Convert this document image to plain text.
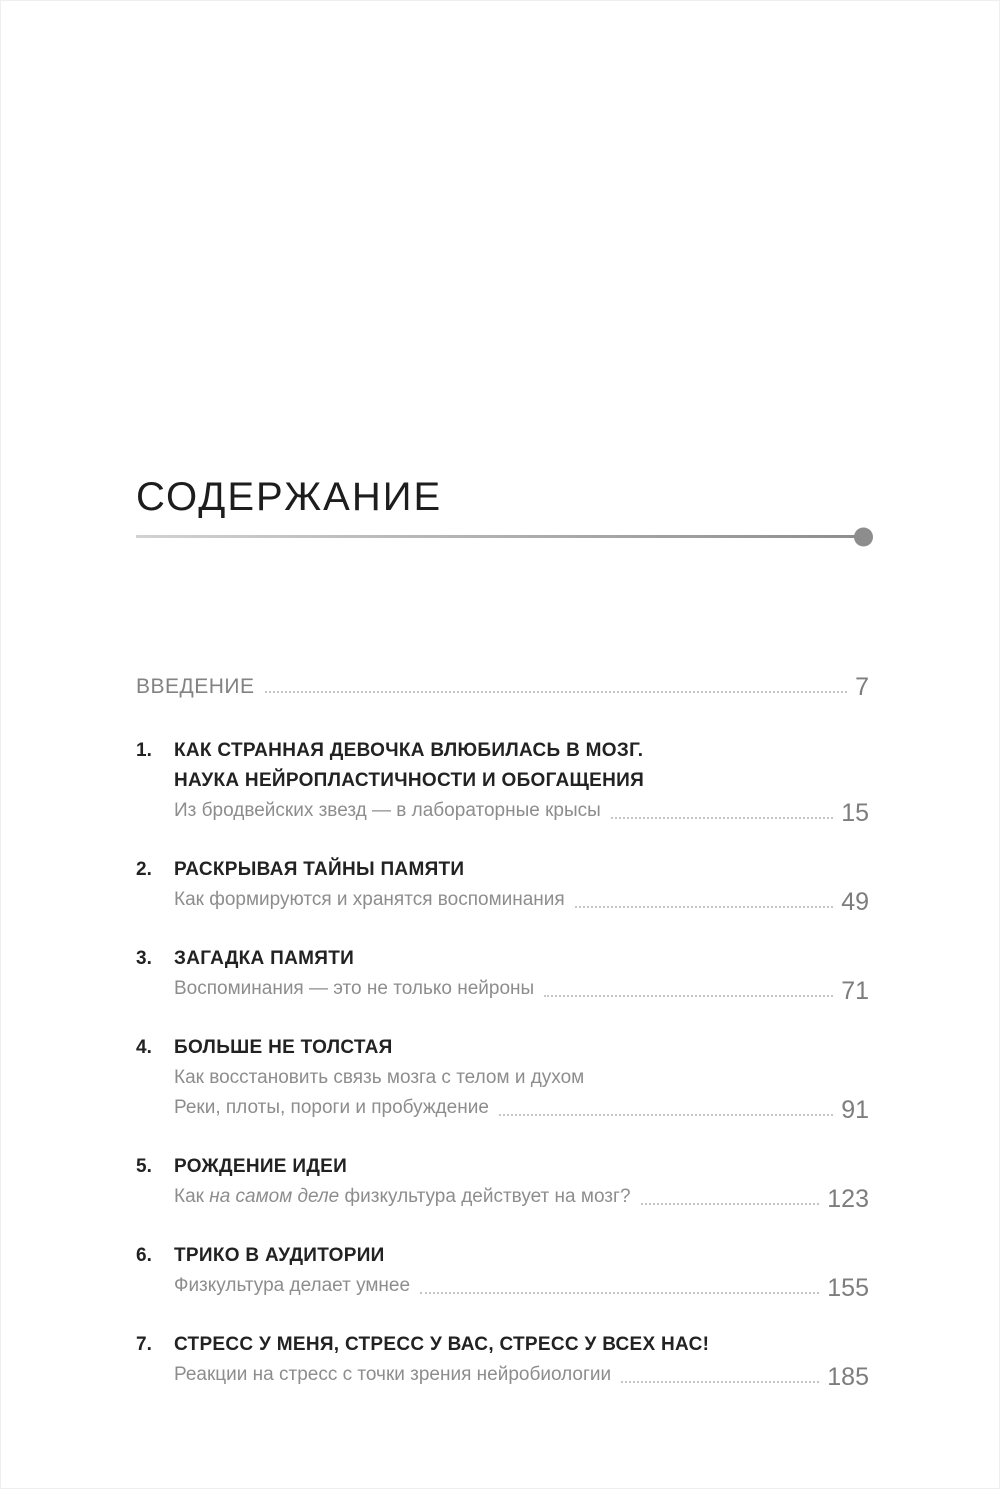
СОДЕРЖАНИЕ
ВВЕДЕНИЕ	7
1.	КАК СТРАННАЯ ДЕВОЧКА ВЛЮБИЛАСЬ В МОЗГ.
НАУКА НЕЙРОПЛАСТИЧНОСТИ И ОБОГАЩЕНИЯ
Из бродвейских звезд — в лабораторные крысы	15
2.	РАСКРЫВАЯ ТАЙНЫ ПАМЯТИ
Как формируются и хранятся воспоминания	49
3.	ЗАГАДКА ПАМЯТИ
Воспоминания — это не только нейроны	71
4.	БОЛЬШЕ НЕ ТОЛСТАЯ
Как восстановить связь мозга с телом и духом
Реки, плоты, пороги и пробуждение	91
5.	РОЖДЕНИЕ ИДЕИ
Как на самом деле физкультура действует на мозг?	123
6.	ТРИКО В АУДИТОРИИ
Физкультура делает умнее	155
7.	СТРЕСС У МЕНЯ, СТРЕСС У ВАС, СТРЕСС У ВСЕХ НАС!
Реакции на стресс с точки зрения нейробиологии	185
